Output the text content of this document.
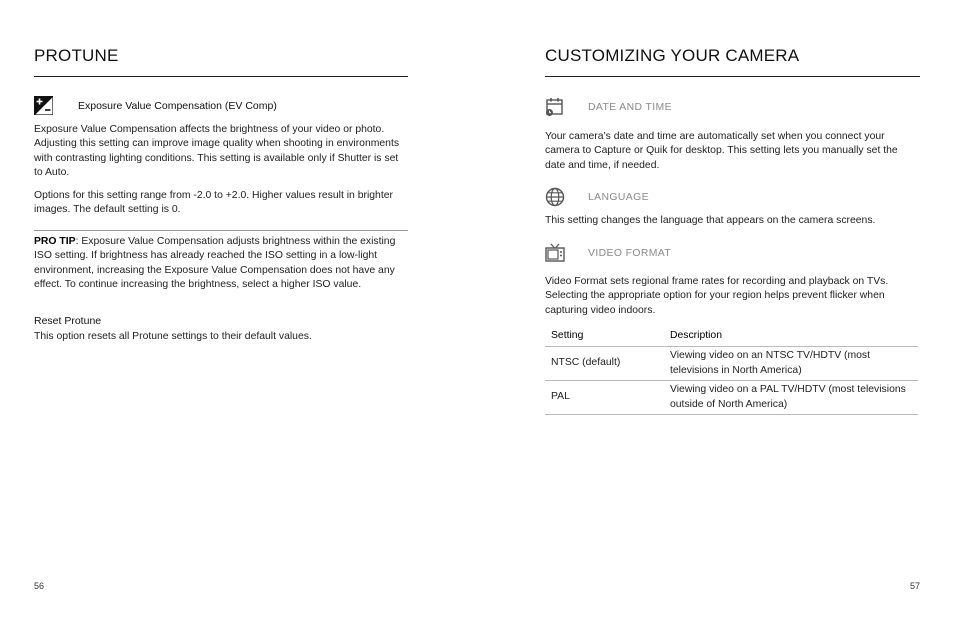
PROTUNE
Exposure Value Compensation (EV Comp)

Exposure Value Compensation affects the brightness of your video or photo. Adjusting this setting can improve image quality when shooting in environments with contrasting lighting conditions. This setting is available only if Shutter is set to Auto.

Options for this setting range from -2.0 to +2.0. Higher values result in brighter images. The default setting is 0.

PRO TIP: Exposure Value Compensation adjusts brightness within the existing ISO setting. If brightness has already reached the ISO setting in a low-light environment, increasing the Exposure Value Compensation does not have any effect. To continue increasing the brightness, select a higher ISO value.

Reset Protune

This option resets all Protune settings to their default values.

56
CUSTOMIZING YOUR CAMERA
DATE AND TIME

Your camera’s date and time are automatically set when you connect your camera to Capture or Quik for desktop. This setting lets you manually set the date and time, if needed.

LANGUAGE

This setting changes the language that appears on the camera screens.

VIDEO FORMAT

Video Format sets regional frame rates for recording and playback on TVs. Selecting the appropriate option for your region helps prevent flicker when capturing video indoors.

Setting	Description
NTSC (default)	Viewing video on an NTSC TV/HDTV (most televisions in North America)
PAL	Viewing video on a PAL TV/HDTV (most televisions outside of North America)
57
